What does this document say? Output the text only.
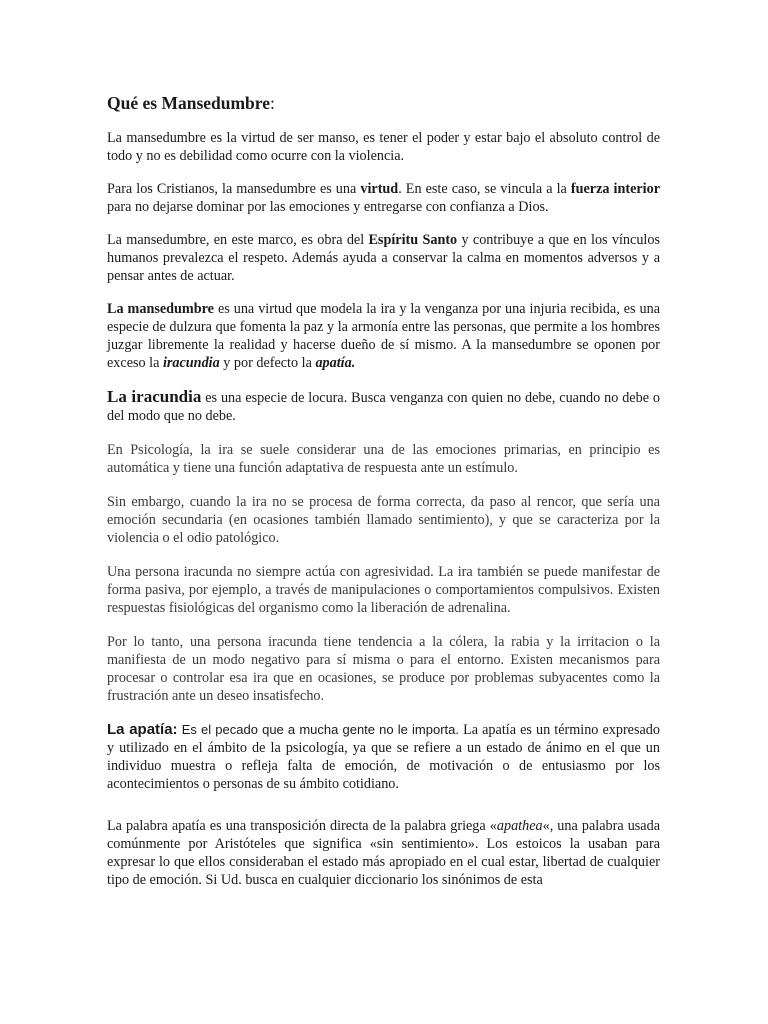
Qué es Mansedumbre:

La mansedumbre es la virtud de ser manso, es tener el poder y estar bajo el absoluto control de todo y no es debilidad como ocurre con la violencia.

Para los Cristianos, la mansedumbre es una virtud. En este caso, se vincula a la fuerza interior para no dejarse dominar por las emociones y entregarse con confianza a Dios.

La mansedumbre, en este marco, es obra del Espíritu Santo y contribuye a que en los vínculos humanos prevalezca el respeto. Además ayuda a conservar la calma en momentos adversos y a pensar antes de actuar.

La mansedumbre es una virtud que modela la ira y la venganza por una injuria recibida, es una especie de dulzura que fomenta la paz y la armonía entre las personas, que permite a los hombres juzgar libremente la realidad y hacerse dueño de sí mismo. A la mansedumbre se oponen por exceso la iracundia y por defecto la apatía.

La iracundia es una especie de locura. Busca venganza con quien no debe, cuando no debe o del modo que no debe.

En Psicología, la ira se suele considerar una de las emociones primarias, en principio es automática y tiene una función adaptativa de respuesta ante un estímulo.

Sin embargo, cuando la ira no se procesa de forma correcta, da paso al rencor, que sería una emoción secundaria (en ocasiones también llamado sentimiento), y que se caracteriza por la violencia o el odio patológico.

Una persona iracunda no siempre actúa con agresividad. La ira también se puede manifestar de forma pasiva, por ejemplo, a través de manipulaciones o comportamientos compulsivos. Existen respuestas fisiológicas del organismo como la liberación de adrenalina.

Por lo tanto, una persona iracunda tiene tendencia a la cólera, la rabia y la irritacion o la manifiesta de un modo negativo para sí misma o para el entorno. Existen mecanismos para procesar o controlar esa ira que en ocasiones, se produce por problemas subyacentes como la frustración ante un deseo insatisfecho.

La apatía: Es el pecado que a mucha gente no le importa. La apatía es un término expresado y utilizado en el ámbito de la psicología, ya que se refiere a un estado de ánimo en el que un individuo muestra o refleja falta de emoción, de motivación o de entusiasmo por los acontecimientos o personas de su ámbito cotidiano.

La palabra apatía es una transposición directa de la palabra griega «apathea«, una palabra usada comúnmente por Aristóteles que significa «sin sentimiento». Los estoicos la usaban para expresar lo que ellos consideraban el estado más apropiado en el cual estar, libertad de cualquier tipo de emoción. Si Ud. busca en cualquier diccionario los sinónimos de esta
